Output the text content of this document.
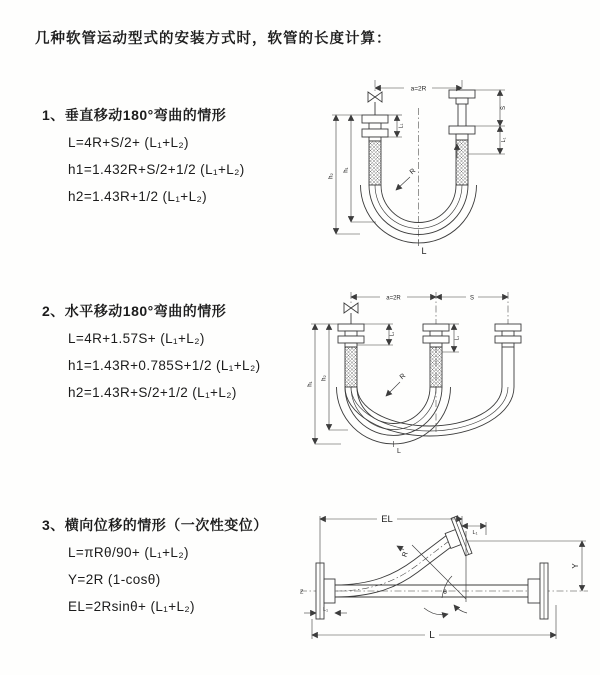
几种软管运动型式的安装方式时，软管的长度计算：
1、垂直移动180°弯曲的情形
L=4R+S/2+ (L₁+L₂)
h1=1.432R+S/2+1/2 (L₁+L₂)
h2=1.43R+1/2 (L₁+L₂)
2、水平移动180°弯曲的情形
L=4R+1.57S+ (L₁+L₂)
h1=1.43R+0.785S+1/2 (L₁+L₂)
h2=1.43R+S/2+1/2 (L₁+L₂)
3、横向位移的情形（一次性变位）
L=πRθ/90+ (L₁+L₂)
Y=2R (1-cosθ)
EL=2Rsinθ+ (L₁+L₂)
a=2R
L₁
h₁
h₂
S
L₁
R
L
a=2R	S
h₁
h₂
L₁
L₁
R
L
Z	θ
R
EL
L₁
Y
L
L₁
